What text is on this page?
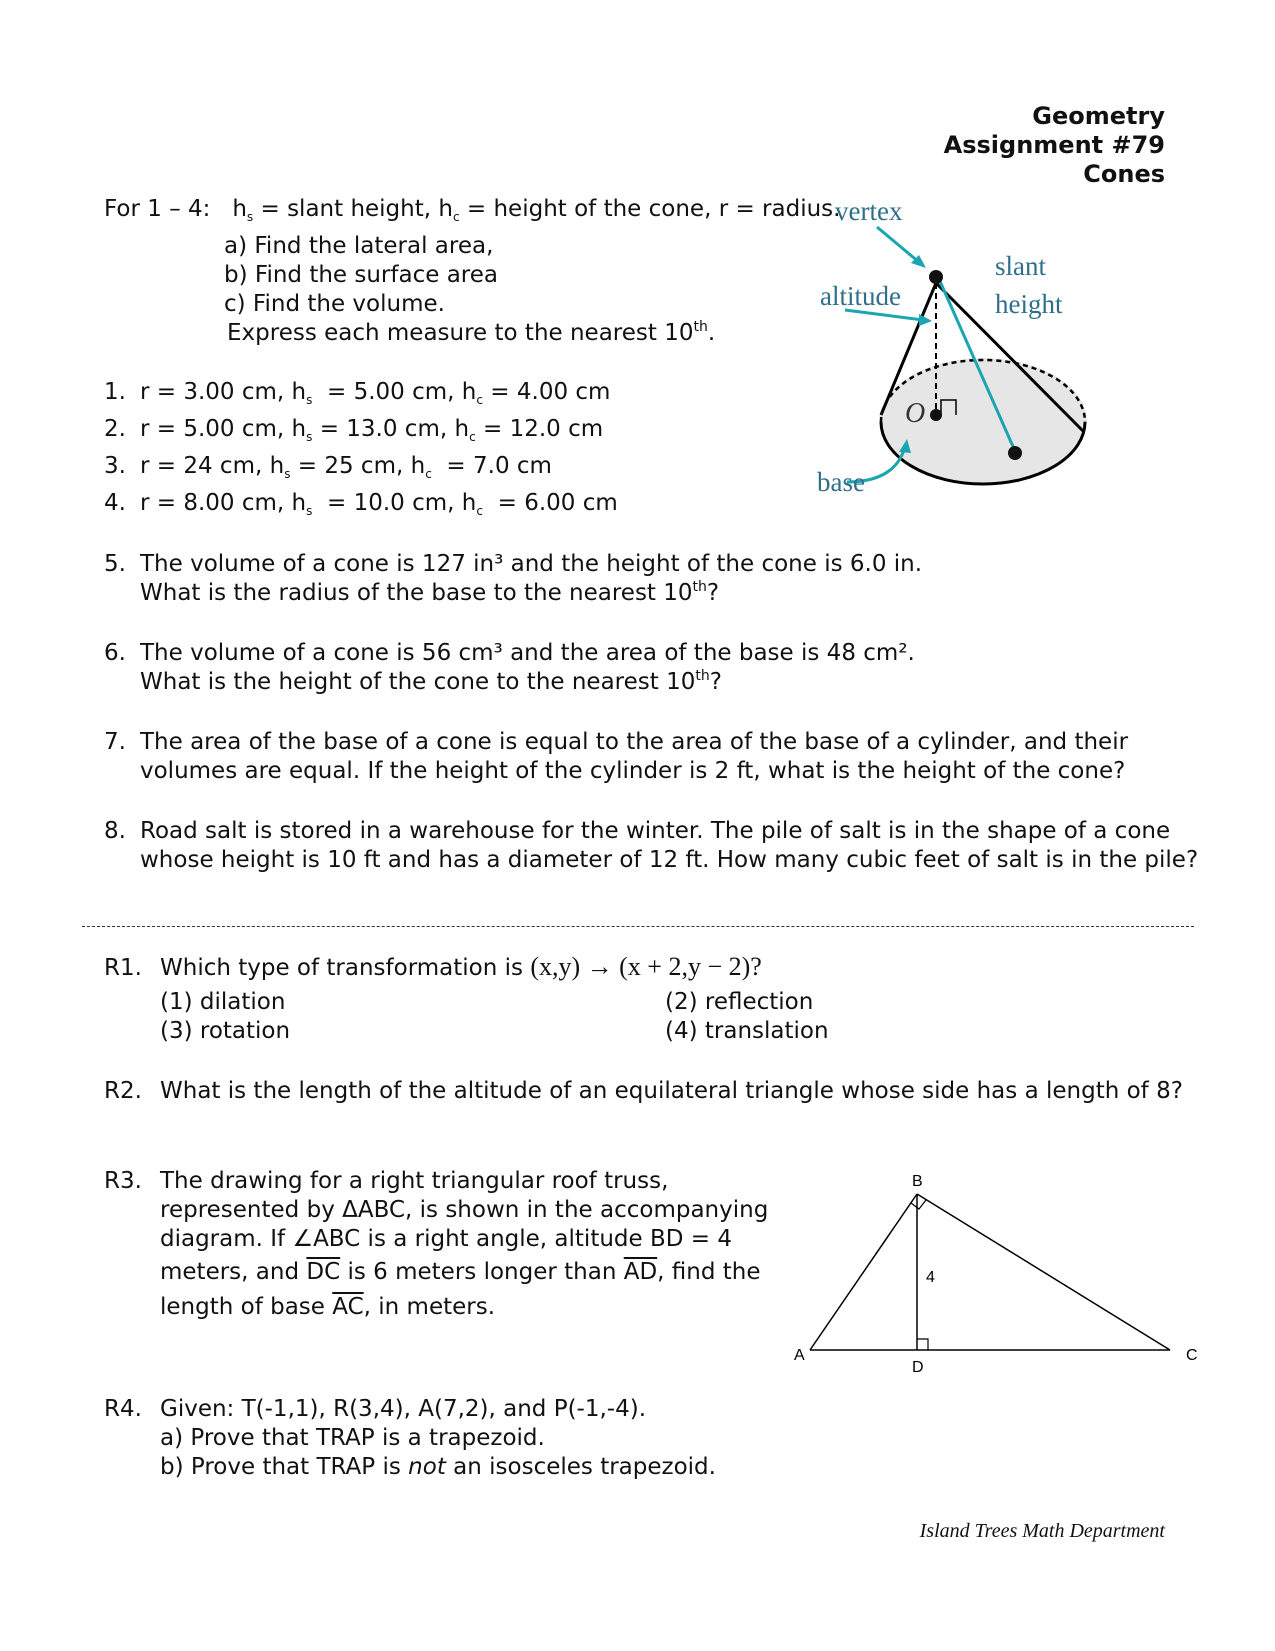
Geometry
Assignment #79
Cones
For 1 – 4: $h_s$ = slant height, $h_c$ = height of the cone, r = radius.
a) Find the lateral area,
b) Find the surface area
c) Find the volume.
Express each measure to the nearest 10th.
1. r = 3.00 cm, $h_s = 5.00$ cm, $h_c = 4.00$ cm
2. r = 5.00 cm, $h_s = 13.0$ cm, $h_c = 12.0$ cm
3. r = 24 cm, $h_s = 25$ cm, $h_c = 7.0$ cm
4. r = 8.00 cm, $h_s = 10.0$ cm, $h_c = 6.00$ cm
vertex
altitude
slant
height
O
base
5. The volume of a cone is 127 in³ and the height of the cone is 6.0 in.
What is the radius of the base to the nearest 10th?
6. The volume of a cone is 56 cm³ and the area of the base is 48 cm².
What is the height of the cone to the nearest 10th?
7. The area of the base of a cone is equal to the area of the base of a cylinder, and their
volumes are equal. If the height of the cylinder is 2 ft, what is the height of the cone?
8. Road salt is stored in a warehouse for the winter. The pile of salt is in the shape of a cone
whose height is 10 ft and has a diameter of 12 ft. How many cubic feet of salt is in the pile?
R1. Which type of transformation is (x,y) → (x + 2,y − 2)?
(1) dilation	(2) reflection
(3) rotation	(4) translation
R2. What is the length of the altitude of an equilateral triangle whose side has a length of 8?
R3. The drawing for a right triangular roof truss,
represented by ΔABC, is shown in the accompanying
diagram. If ∠ABC is a right angle, altitude BD = 4
meters, and $\overline{DC}$ is 6 meters longer than $\overline{AD}$, find the
length of base $\overline{AC}$, in meters.
B
A	C
D
4
R4. Given: T(-1,1), R(3,4), A(7,2), and P(-1,-4).
a) Prove that TRAP is a trapezoid.
b) Prove that TRAP is not an isosceles trapezoid.
Island Trees Math Department
